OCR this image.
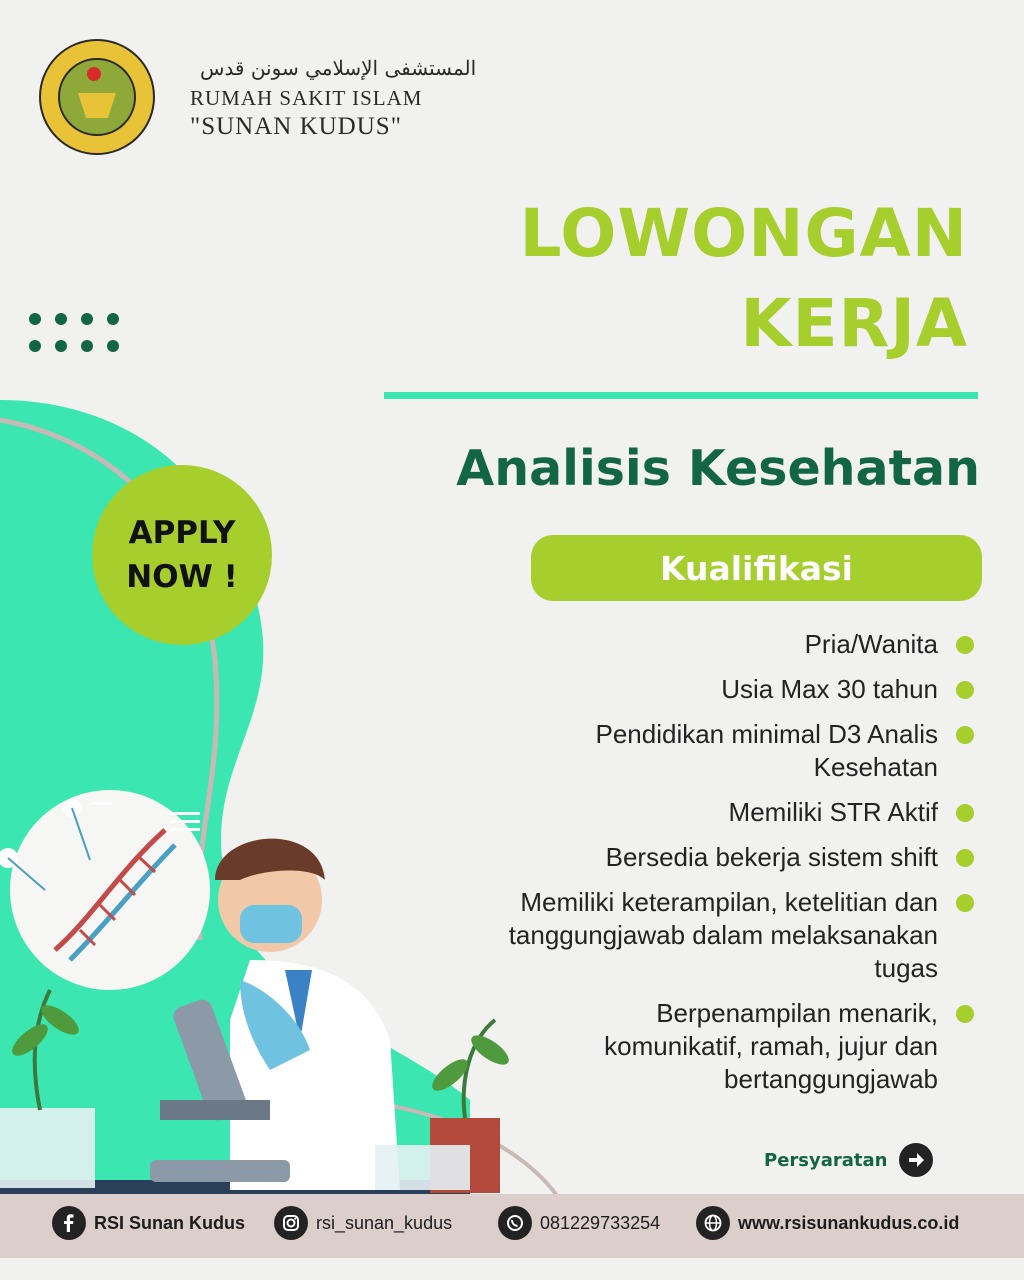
المستشفى الإسلامي سونن قدس
RUMAH SAKIT ISLAM
"SUNAN KUDUS"
LOWONGAN
KERJA
Analisis Kesehatan
Kualifikasi
APPLY
NOW !
Pria/Wanita
Usia Max 30 tahun
Pendidikan minimal D3 Analis Kesehatan
Memiliki STR Aktif
Bersedia bekerja sistem shift
Memiliki keterampilan, ketelitian dan tanggungjawab dalam melaksanakan tugas
Berpenampilan menarik, komunikatif, ramah, jujur dan bertanggungjawab
Persyaratan
RSI Sunan Kudus	rsi_sunan_kudus	081229733254	www.rsisunankudus.co.id
